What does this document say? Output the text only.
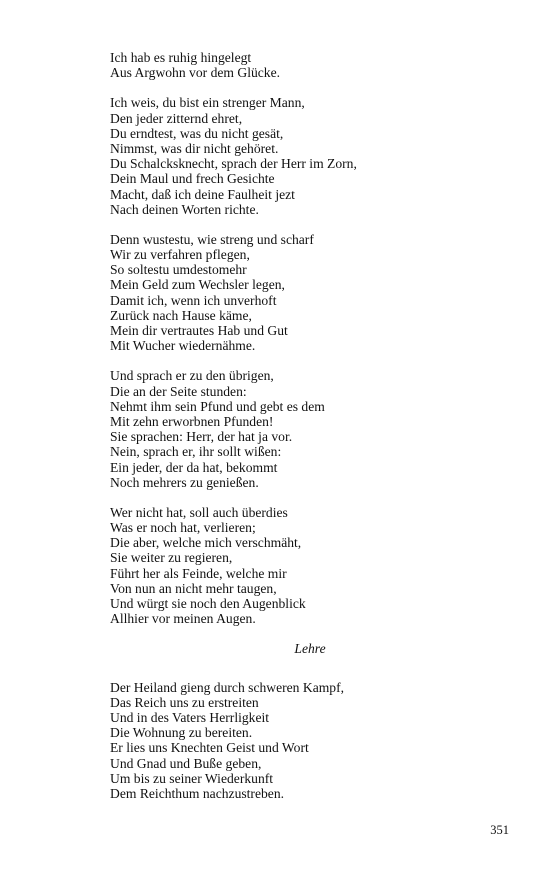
Ich hab es ruhig hingelegt
Aus Argwohn vor dem Glücke.
Ich weis, du bist ein strenger Mann,
Den jeder zitternd ehret,
Du erndtest, was du nicht gesät,
Nimmst, was dir nicht gehöret.
Du Schalcksknecht, sprach der Herr im Zorn,
Dein Maul und frech Gesichte
Macht, daß ich deine Faulheit jezt
Nach deinen Worten richte.
Denn wustestu, wie streng und scharf
Wir zu verfahren pflegen,
So soltestu umdestomehr
Mein Geld zum Wechsler legen,
Damit ich, wenn ich unverhoft
Zurück nach Hause käme,
Mein dir vertrautes Hab und Gut
Mit Wucher wiedernähme.
Und sprach er zu den übrigen,
Die an der Seite stunden:
Nehmt ihm sein Pfund und gebt es dem
Mit zehn erworbnen Pfunden!
Sie sprachen: Herr, der hat ja vor.
Nein, sprach er, ihr sollt wißen:
Ein jeder, der da hat, bekommt
Noch mehrers zu genießen.
Wer nicht hat, soll auch überdies
Was er noch hat, verlieren;
Die aber, welche mich verschmäht,
Sie weiter zu regieren,
Führt her als Feinde, welche mir
Von nun an nicht mehr taugen,
Und würgt sie noch den Augenblick
Allhier vor meinen Augen.
Lehre
Der Heiland gieng durch schweren Kampf,
Das Reich uns zu erstreiten
Und in des Vaters Herrligkeit
Die Wohnung zu bereiten.
Er lies uns Knechten Geist und Wort
Und Gnad und Buße geben,
Um bis zu seiner Wiederkunft
Dem Reichthum nachzustreben.
351
